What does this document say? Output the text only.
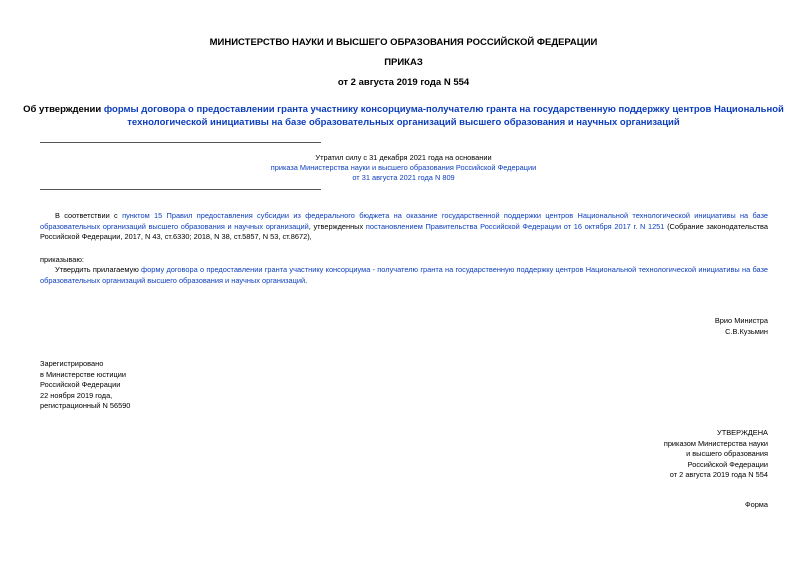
МИНИСТЕРСТВО НАУКИ И ВЫСШЕГО ОБРАЗОВАНИЯ РОССИЙСКОЙ ФЕДЕРАЦИИ
ПРИКАЗ
от 2 августа 2019 года N 554
Об утверждении формы договора о предоставлении гранта участнику консорциума-получателю гранта на государственную поддержку центров Национальной
технологической инициативы на базе образовательных организаций высшего образования и научных организаций
Утратил силу с 31 декабря 2021 года на основании
приказа Министерства науки и высшего образования Российской Федерации
от 31 августа 2021 года N 809
В соответствии с пунктом 15 Правил предоставления субсидии из федерального бюджета на оказание государственной поддержки центров Национальной технологической инициативы на базе образовательных организаций высшего образования и научных организаций, утвержденных постановлением Правительства Российской Федерации от 16 октября 2017 г. N 1251 (Собрание законодательства Российской Федерации, 2017, N 43, ст.6330; 2018, N 38, ст.5857, N 53, ст.8672),
приказываю:
Утвердить прилагаемую форму договора о предоставлении гранта участнику консорциума - получателю гранта на государственную поддержку центров Национальной технологической инициативы на базе образовательных организаций высшего образования и научных организаций.
Врио Министра
С.В.Кузьмин
Зарегистрировано
в Министерстве юстиции
Российской Федерации
22 ноября 2019 года,
регистрационный N 56590
УТВЕРЖДЕНА
приказом Министерства науки
и высшего образования
Российской Федерации
от 2 августа 2019 года N 554
Форма
